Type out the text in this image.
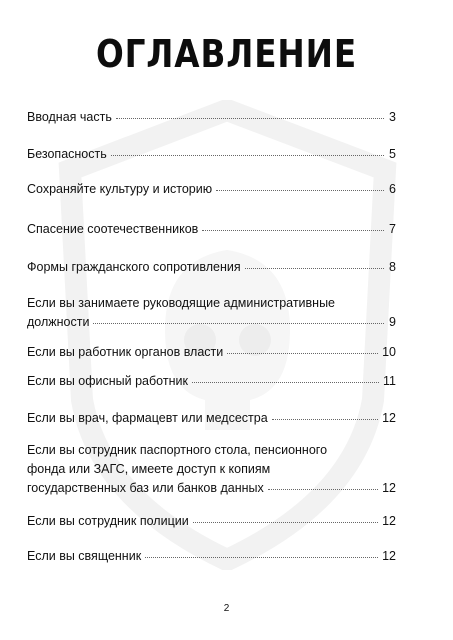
ОГЛАВЛЕНИЕ
Вводная часть	3
Безопасность	5
Сохраняйте культуру и историю	6
Спасение соотечественников	7
Формы гражданского сопротивления	8
Если вы занимаете руководящие административные
должности	9
Если вы работник органов власти	10
Если вы офисный работник	11
Если вы врач, фармацевт или медсестра	12
Если вы сотрудник паспортного стола, пенсионного
фонда или ЗАГС, имеете доступ к копиям
государственных баз или банков данных	12
Если вы сотрудник полиции	12
Если вы священник	12
2
